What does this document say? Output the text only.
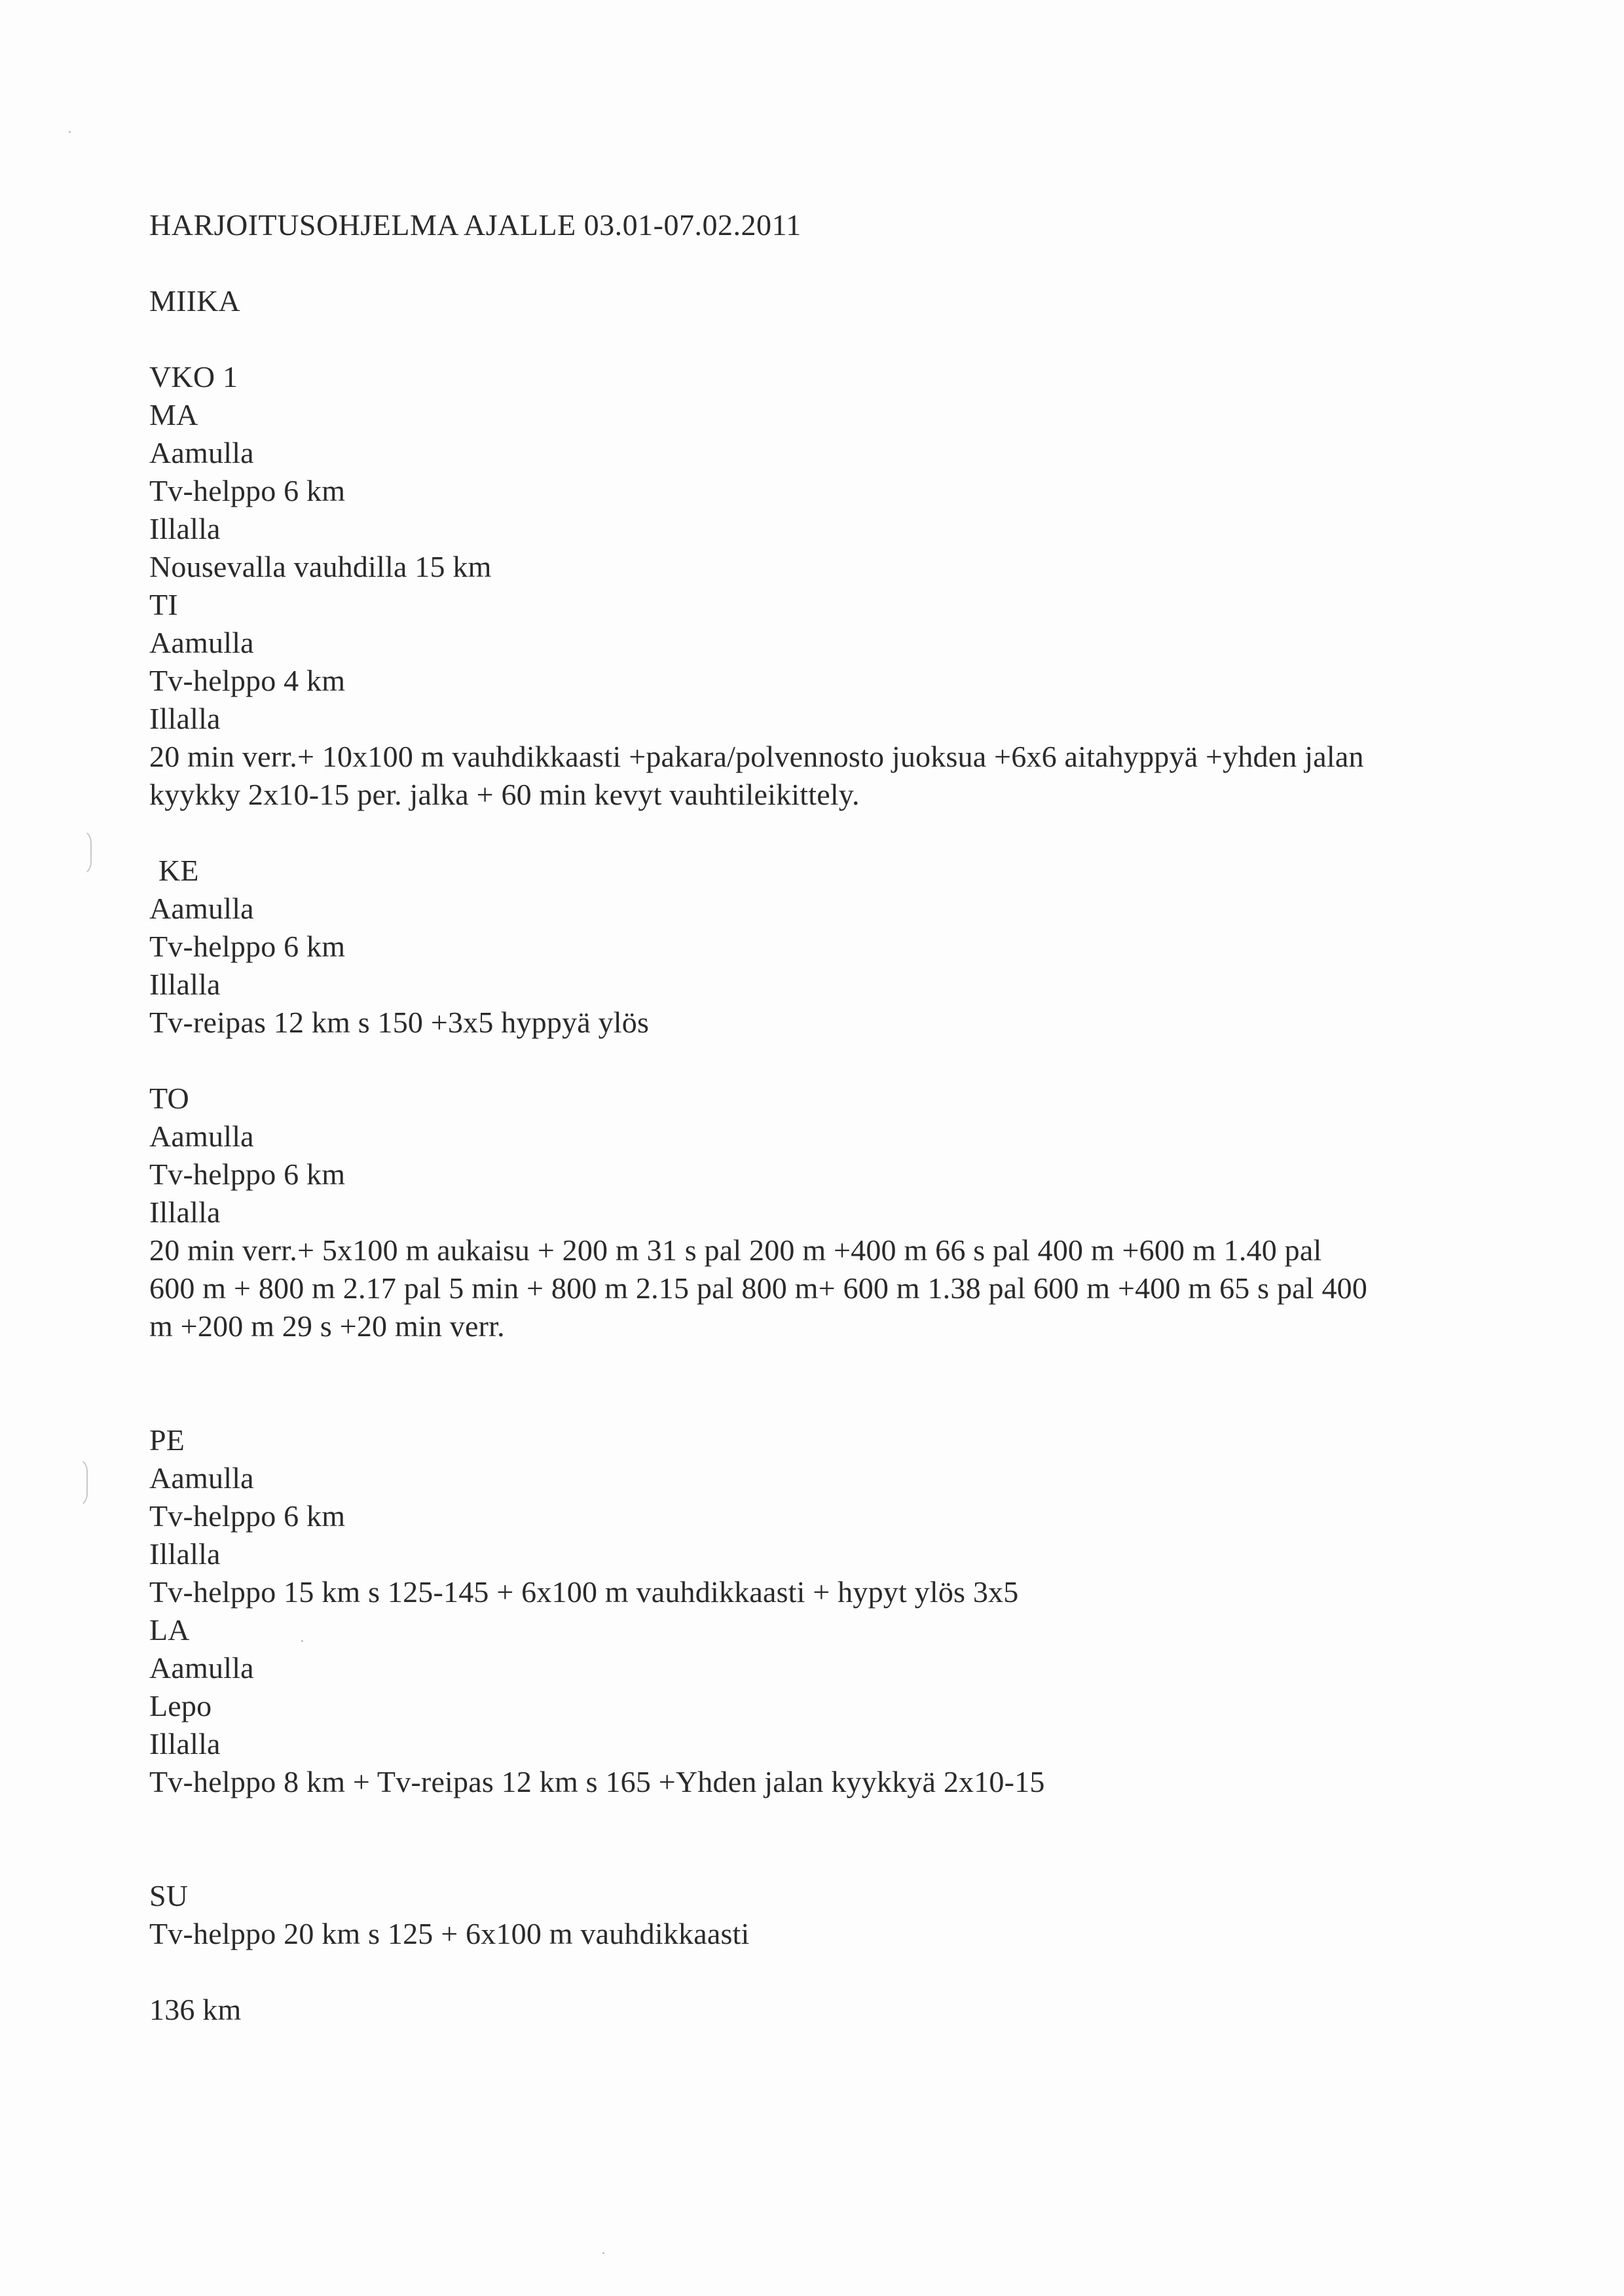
HARJOITUSOHJELMA AJALLE 03.01-07.02.2011
MIIKA
VKO 1
MA
Aamulla
Tv-helppo 6 km
Illalla
Nousevalla vauhdilla 15 km
TI
Aamulla
Tv-helppo 4 km
Illalla
20 min verr.+ 10x100 m vauhdikkaasti +pakara/polvennosto juoksua +6x6 aitahyppyä +yhden jalan
kyykky 2x10-15 per. jalka + 60 min kevyt vauhtileikittely.
KE
Aamulla
Tv-helppo 6 km
Illalla
Tv-reipas 12 km s 150 +3x5 hyppyä ylös
TO
Aamulla
Tv-helppo 6 km
Illalla
20 min verr.+ 5x100 m aukaisu + 200 m 31 s pal 200 m +400 m 66 s pal 400 m +600 m 1.40 pal
600 m + 800 m 2.17 pal 5 min + 800 m 2.15 pal 800 m+ 600 m 1.38 pal 600 m +400 m 65 s pal 400
m +200 m 29 s +20 min verr.
PE
Aamulla
Tv-helppo 6 km
Illalla
Tv-helppo 15 km s 125-145 + 6x100 m vauhdikkaasti + hypyt ylös 3x5
LA
Aamulla
Lepo
Illalla
Tv-helppo 8 km + Tv-reipas 12 km s 165 +Yhden jalan kyykkyä 2x10-15
SU
Tv-helppo 20 km s 125 + 6x100 m vauhdikkaasti
136 km
